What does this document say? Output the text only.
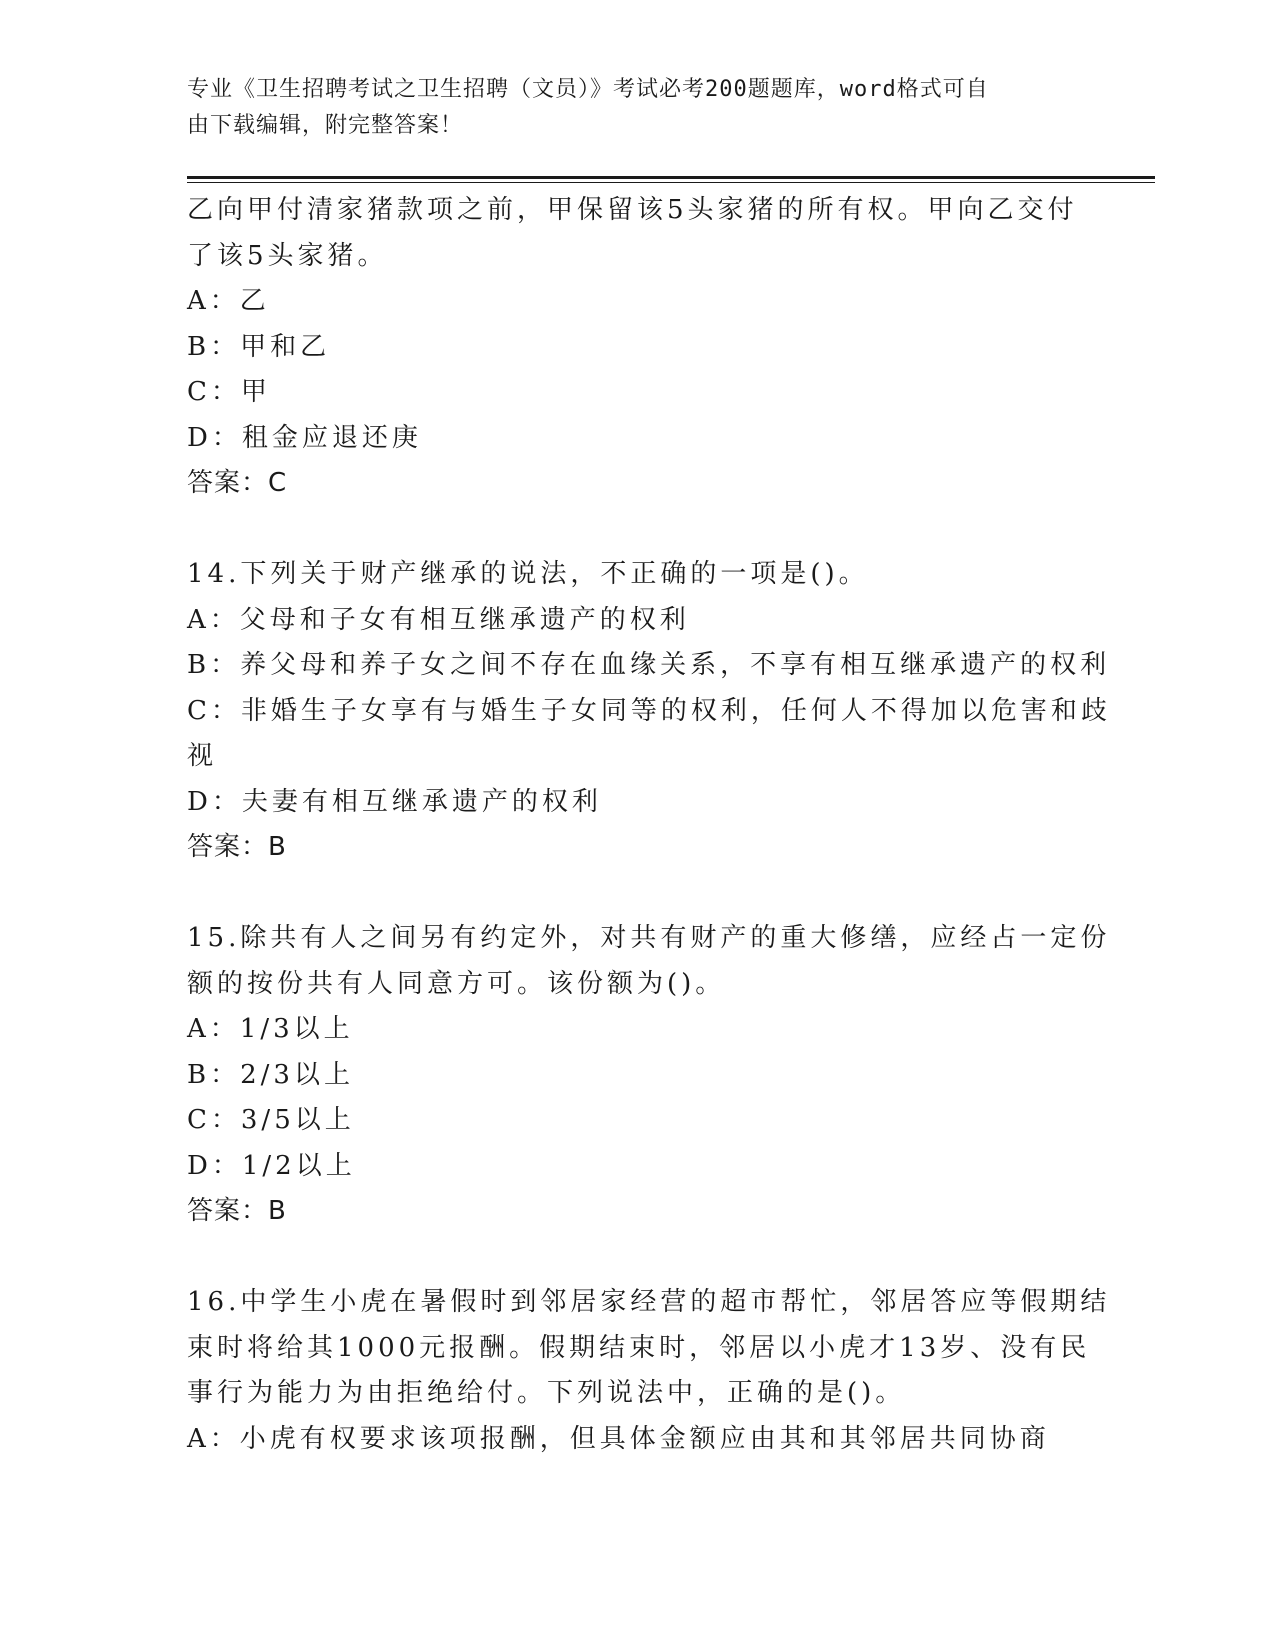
专业《卫生招聘考试之卫生招聘（文员）》考试必考200题题库，word格式可自
由下载编辑，附完整答案！
乙向甲付清家猪款项之前，甲保留该5头家猪的所有权。甲向乙交付
了该5头家猪。
A：乙
B：甲和乙
C：甲
D：租金应退还庚
答案：C
14.下列关于财产继承的说法，不正确的一项是()。
A：父母和子女有相互继承遗产的权利
B：养父母和养子女之间不存在血缘关系，不享有相互继承遗产的权利
C：非婚生子女享有与婚生子女同等的权利，任何人不得加以危害和歧
视
D：夫妻有相互继承遗产的权利
答案：B
15.除共有人之间另有约定外，对共有财产的重大修缮，应经占一定份
额的按份共有人同意方可。该份额为()。
A：1/3以上
B：2/3以上
C：3/5以上
D：1/2以上
答案：B
16.中学生小虎在暑假时到邻居家经营的超市帮忙，邻居答应等假期结
束时将给其1000元报酬。假期结束时，邻居以小虎才13岁、没有民
事行为能力为由拒绝给付。下列说法中，正确的是()。
A：小虎有权要求该项报酬，但具体金额应由其和其邻居共同协商
